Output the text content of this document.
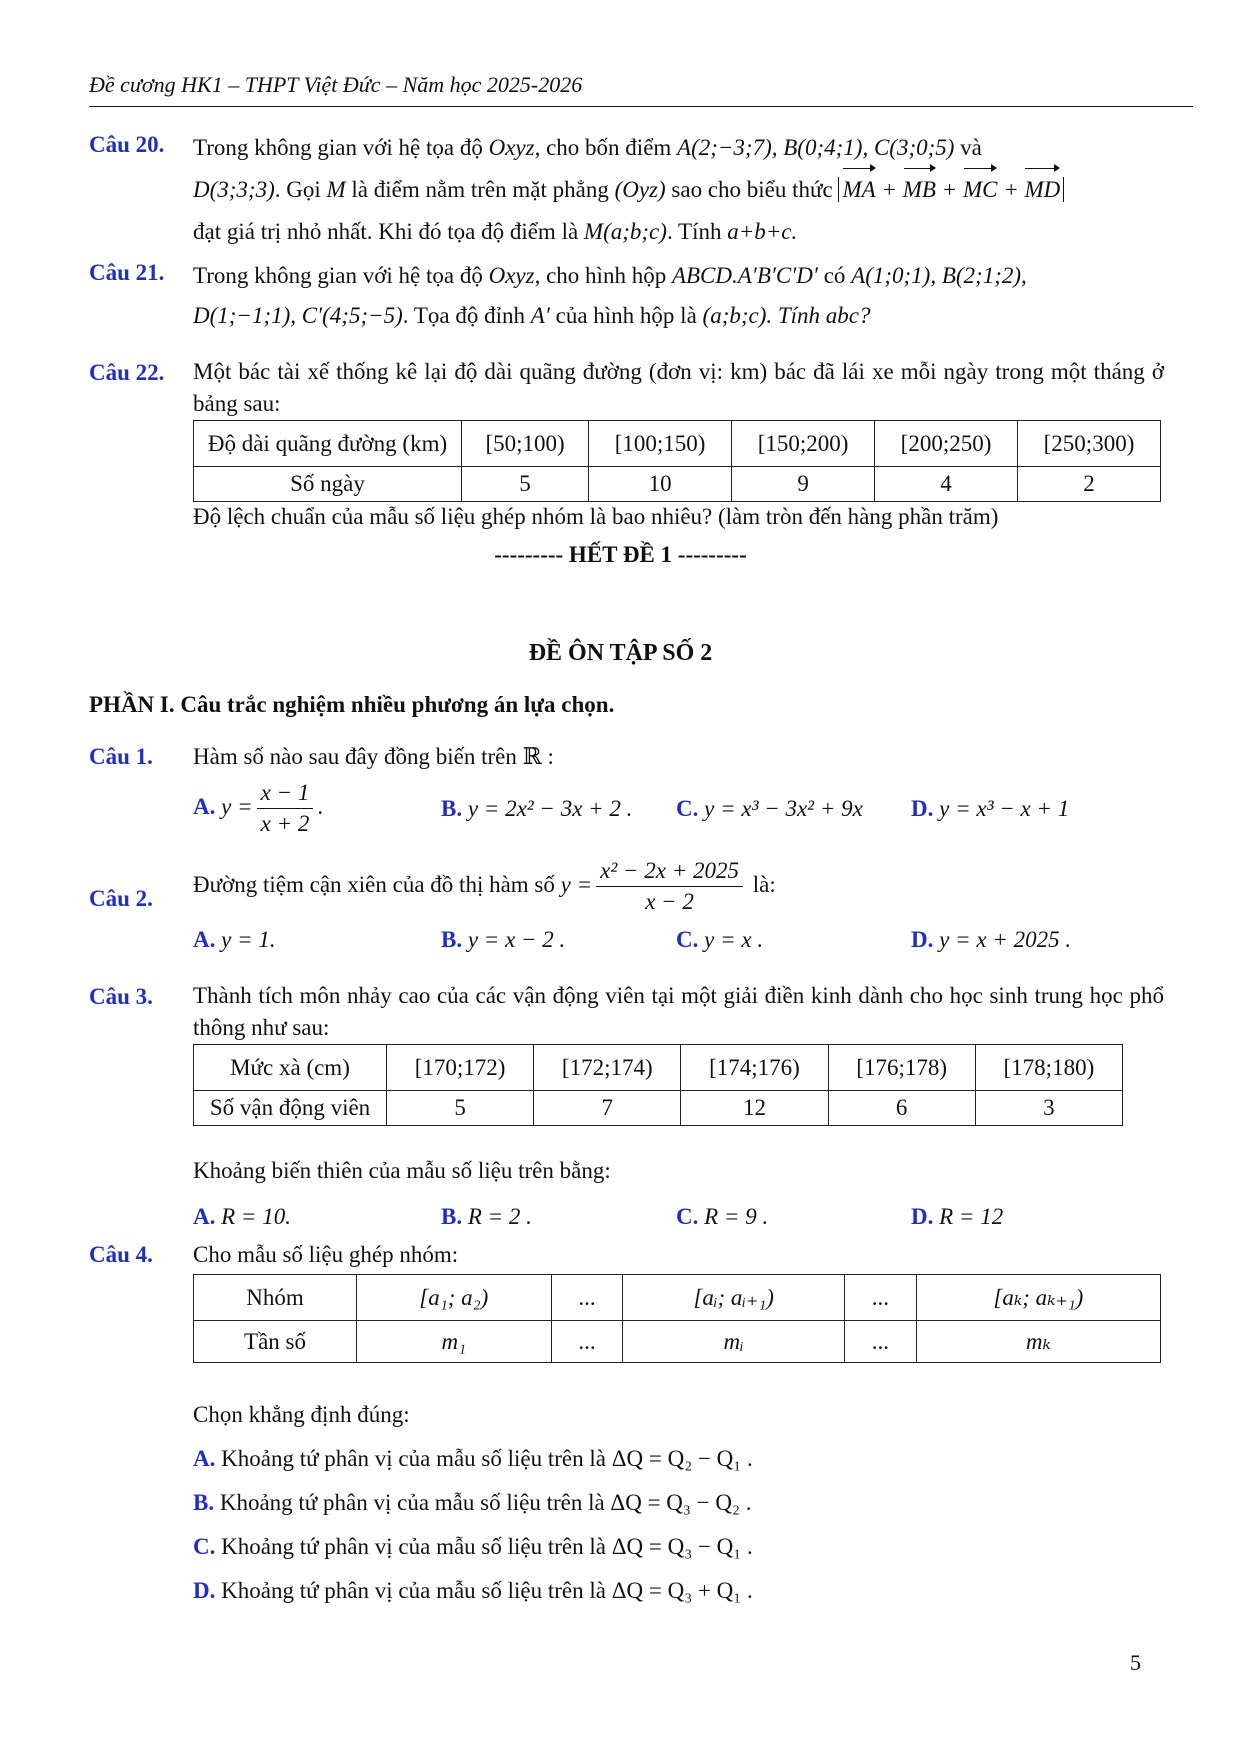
Đề cương HK1 – THPT Việt Đức – Năm học 2025-2026
Câu 20. Trong không gian với hệ tọa độ Oxyz, cho bốn điểm A(2;−3;7), B(0;4;1), C(3;0;5) và
D(3;3;3). Gọi M là điểm nằm trên mặt phẳng (Oyz) sao cho biểu thức MA + MB + MC + MD
đạt giá trị nhỏ nhất. Khi đó tọa độ điểm là M(a;b;c). Tính a+b+c.
Câu 21. Trong không gian với hệ tọa độ Oxyz, cho hình hộp ABCD.A′B′C′D′ có A(1;0;1), B(2;1;2),
D(1;−1;1), C′(4;5;−5). Tọa độ đỉnh A′ của hình hộp là (a;b;c). Tính abc?
Câu 22. Một bác tài xế thống kê lại độ dài quãng đường (đơn vị: km) bác đã lái xe mỗi ngày trong một tháng ở bảng sau:
Độ dài quãng đường (km)	[50;100)	[100;150)	[150;200)	[200;250)	[250;300)
Số ngày	5	10	9	4	2
Độ lệch chuẩn của mẫu số liệu ghép nhóm là bao nhiêu? (làm tròn đến hàng phần trăm)
--------- HẾT ĐỀ 1 ---------
ĐỀ ÔN TẬP SỐ 2
PHẦN I. Câu trắc nghiệm nhiều phương án lựa chọn.
Câu 1. Hàm số nào sau đây đồng biến trên ℝ :
A. $y = \frac{x - 1}{x + 2}$ .	B. y = 2x² − 3x + 2 . C. y = x³ − 3x² + 9x D. y = x³ − x + 1
Câu 2.
Đường tiệm cận xiên của đồ thị hàm số $y = \frac{\text{x² − 2x + 2025}}{x - 2}$ là:
A. y = 1.	B. y = x − 2 .	C. y = x .	D. y = x + 2025 .
Câu 3. Thành tích môn nhảy cao của các vận động viên tại một giải điền kinh dành cho học sinh trung học phổ thông như sau:
Mức xà (cm)	[170;172)	[172;174)	[174;176)	[176;178)	[178;180)
Số vận động viên	5	7	12	6	3
Khoảng biến thiên của mẫu số liệu trên bằng:
A. R = 10.	B. R = 2 .	C. R = 9 .	D. R = 12
Câu 4. Cho mẫu số liệu ghép nhóm:
Nhóm	[a₁; a₂)	...	[aᵢ; aᵢ₊₁)	...	[aₖ; aₖ₊₁)
Tần số	m₁	...	mᵢ	...	mₖ
Chọn khẳng định đúng:
A. Khoảng tứ phân vị của mẫu số liệu trên là ΔQ = Q₂ − Q₁ .
B. Khoảng tứ phân vị của mẫu số liệu trên là ΔQ = Q₃ − Q₂ .
C. Khoảng tứ phân vị của mẫu số liệu trên là ΔQ = Q₃ − Q₁ .
D. Khoảng tứ phân vị của mẫu số liệu trên là ΔQ = Q₃ + Q₁ .
5
